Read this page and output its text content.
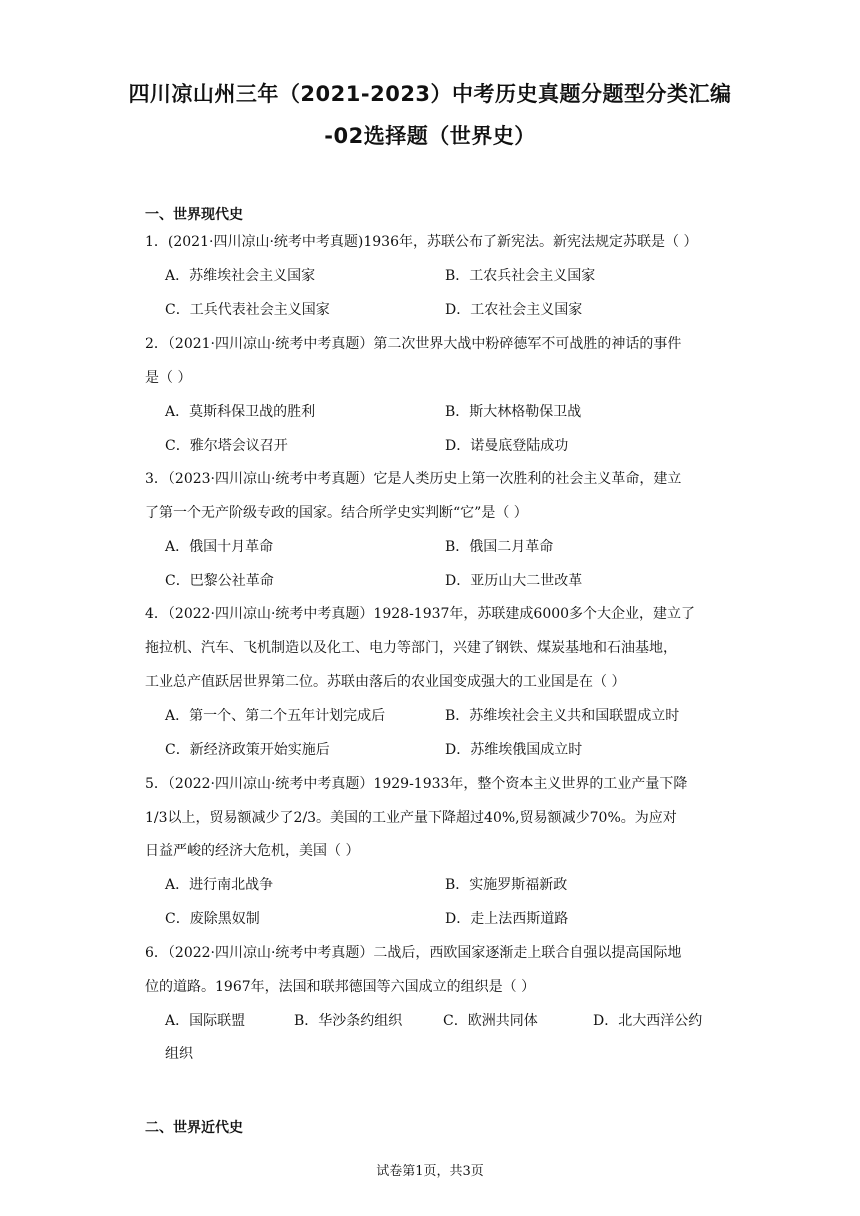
四川凉山州三年（2021-2023）中考历史真题分题型分类汇编
-02选择题（世界史）
一、世界现代史
1．(2021·四川凉山·统考中考真题)1936年，苏联公布了新宪法。新宪法规定苏联是（ ）
A．苏维埃社会主义国家	B．工农兵社会主义国家
C．工兵代表社会主义国家	D．工农社会主义国家
2．（2021·四川凉山·统考中考真题）第二次世界大战中粉碎德军不可战胜的神话的事件
是（ ）
A．莫斯科保卫战的胜利	B．斯大林格勒保卫战
C．雅尔塔会议召开	D．诺曼底登陆成功
3．（2023·四川凉山·统考中考真题）它是人类历史上第一次胜利的社会主义革命，建立
了第一个无产阶级专政的国家。结合所学史实判断“它”是（ ）
A．俄国十月革命	B．俄国二月革命
C．巴黎公社革命	D．亚历山大二世改革
4．（2022·四川凉山·统考中考真题）1928-1937年，苏联建成6000多个大企业，建立了
拖拉机、汽车、飞机制造以及化工、电力等部门，兴建了钢铁、煤炭基地和石油基地，
工业总产值跃居世界第二位。苏联由落后的农业国变成强大的工业国是在（ ）
A．第一个、第二个五年计划完成后	B．苏维埃社会主义共和国联盟成立时
C．新经济政策开始实施后	D．苏维埃俄国成立时
5．（2022·四川凉山·统考中考真题）1929-1933年，整个资本主义世界的工业产量下降
1/3以上，贸易额减少了2/3。美国的工业产量下降超过40%,贸易额减少70%。为应对
日益严峻的经济大危机，美国（ ）
A．进行南北战争	B．实施罗斯福新政
C．废除黑奴制	D．走上法西斯道路
6．（2022·四川凉山·统考中考真题）二战后，西欧国家逐渐走上联合自强以提高国际地
位的道路。1967年，法国和联邦德国等六国成立的组织是（ ）
A．国际联盟	B．华沙条约组织	C．欧洲共同体	D．北大西洋公约
组织
二、世界近代史
试卷第1页，共3页
